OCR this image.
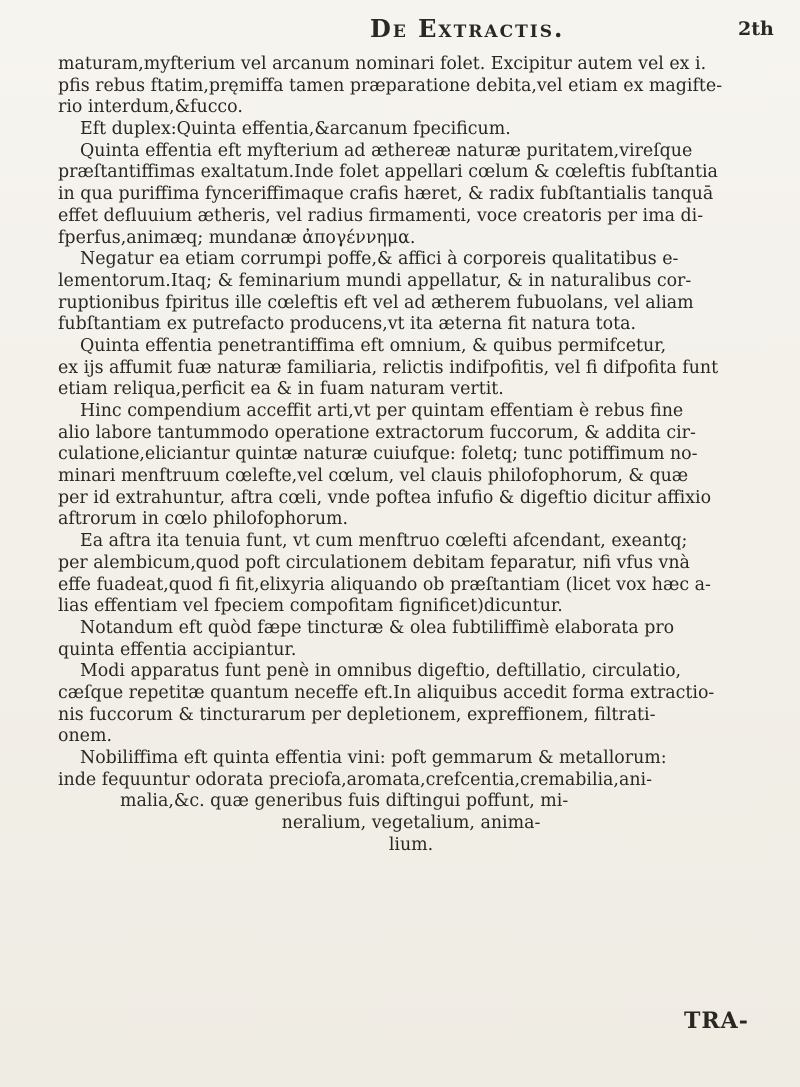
De Extractis.	2th
maturam,myfterium vel arcanum nominari folet. Excipitur autem vel ex i.
pfis rebus ftatim,pręmiffa tamen præparatione debita,vel etiam ex magifte-
rio interdum,&fucco.
Eft duplex:Quinta effentia,&arcanum fpecificum.
Quinta effentia eft myfterium ad æthereæ naturæ puritatem,vireſque
præſtantiffimas exaltatum.Inde folet appellari cœlum & cœleftis fubſtantia
in qua puriffima fynceriffimaque crafis hæret, & radix fubſtantialis tanquā
effet defluuium ætheris, vel radius firmamenti, voce creatoris per ima di-
fperfus,animæq; mundanæ ἀπογέννημα.
Negatur ea etiam corrumpi poffe,& affici à corporeis qualitatibus e-
lementorum.Itaq; & feminarium mundi appellatur, & in naturalibus cor-
ruptionibus fpiritus ille cœleftis eft vel ad ætherem fubuolans, vel aliam
fubſtantiam ex putrefacto producens,vt ita æterna fit natura tota.
Quinta effentia penetrantiffima eft omnium, & quibus permifcetur,
ex ijs affumit fuæ naturæ familiaria, relictis indifpofitis, vel fi difpofita funt
etiam reliqua,perficit ea & in fuam naturam vertit.
Hinc compendium acceffit arti,vt per quintam effentiam è rebus fine
alio labore tantummodo operatione extractorum fuccorum, & addita cir-
culatione,eliciantur quintæ naturæ cuiufque: foletq; tunc potiffimum no-
minari menftruum cœlefte,vel cœlum, vel clauis philofophorum, & quæ
per id extrahuntur, aftra cœli, vnde poftea infufio & digeftio dicitur affixio
aftrorum in cœlo philofophorum.
Ea aftra ita tenuia funt, vt cum menftruo cœlefti afcendant, exeantq;
per alembicum,quod poft circulationem debitam feparatur, nifi vfus vnà
effe fuadeat,quod fi fit,elixyria aliquando ob præſtantiam (licet vox hæc a-
lias effentiam vel fpeciem compofitam fignificet)dicuntur.
Notandum eft quòd fæpe tincturæ & olea fubtiliffimè elaborata pro
quinta effentia accipiantur.
Modi apparatus funt penè in omnibus digeftio, deftillatio, circulatio,
cæſque repetitæ quantum neceffe eft.In aliquibus accedit forma extractio-
nis fuccorum & tincturarum per depletionem, expreffionem, filtrati-
onem.
Nobiliffima eft quinta effentia vini: poft gemmarum & metallorum:
inde fequuntur odorata preciofa,aromata,crefcentia,cremabilia,ani-
malia,&c. quæ generibus fuis diftingui poffunt, mi-
neralium, vegetalium, anima-
lium.
TRA-
